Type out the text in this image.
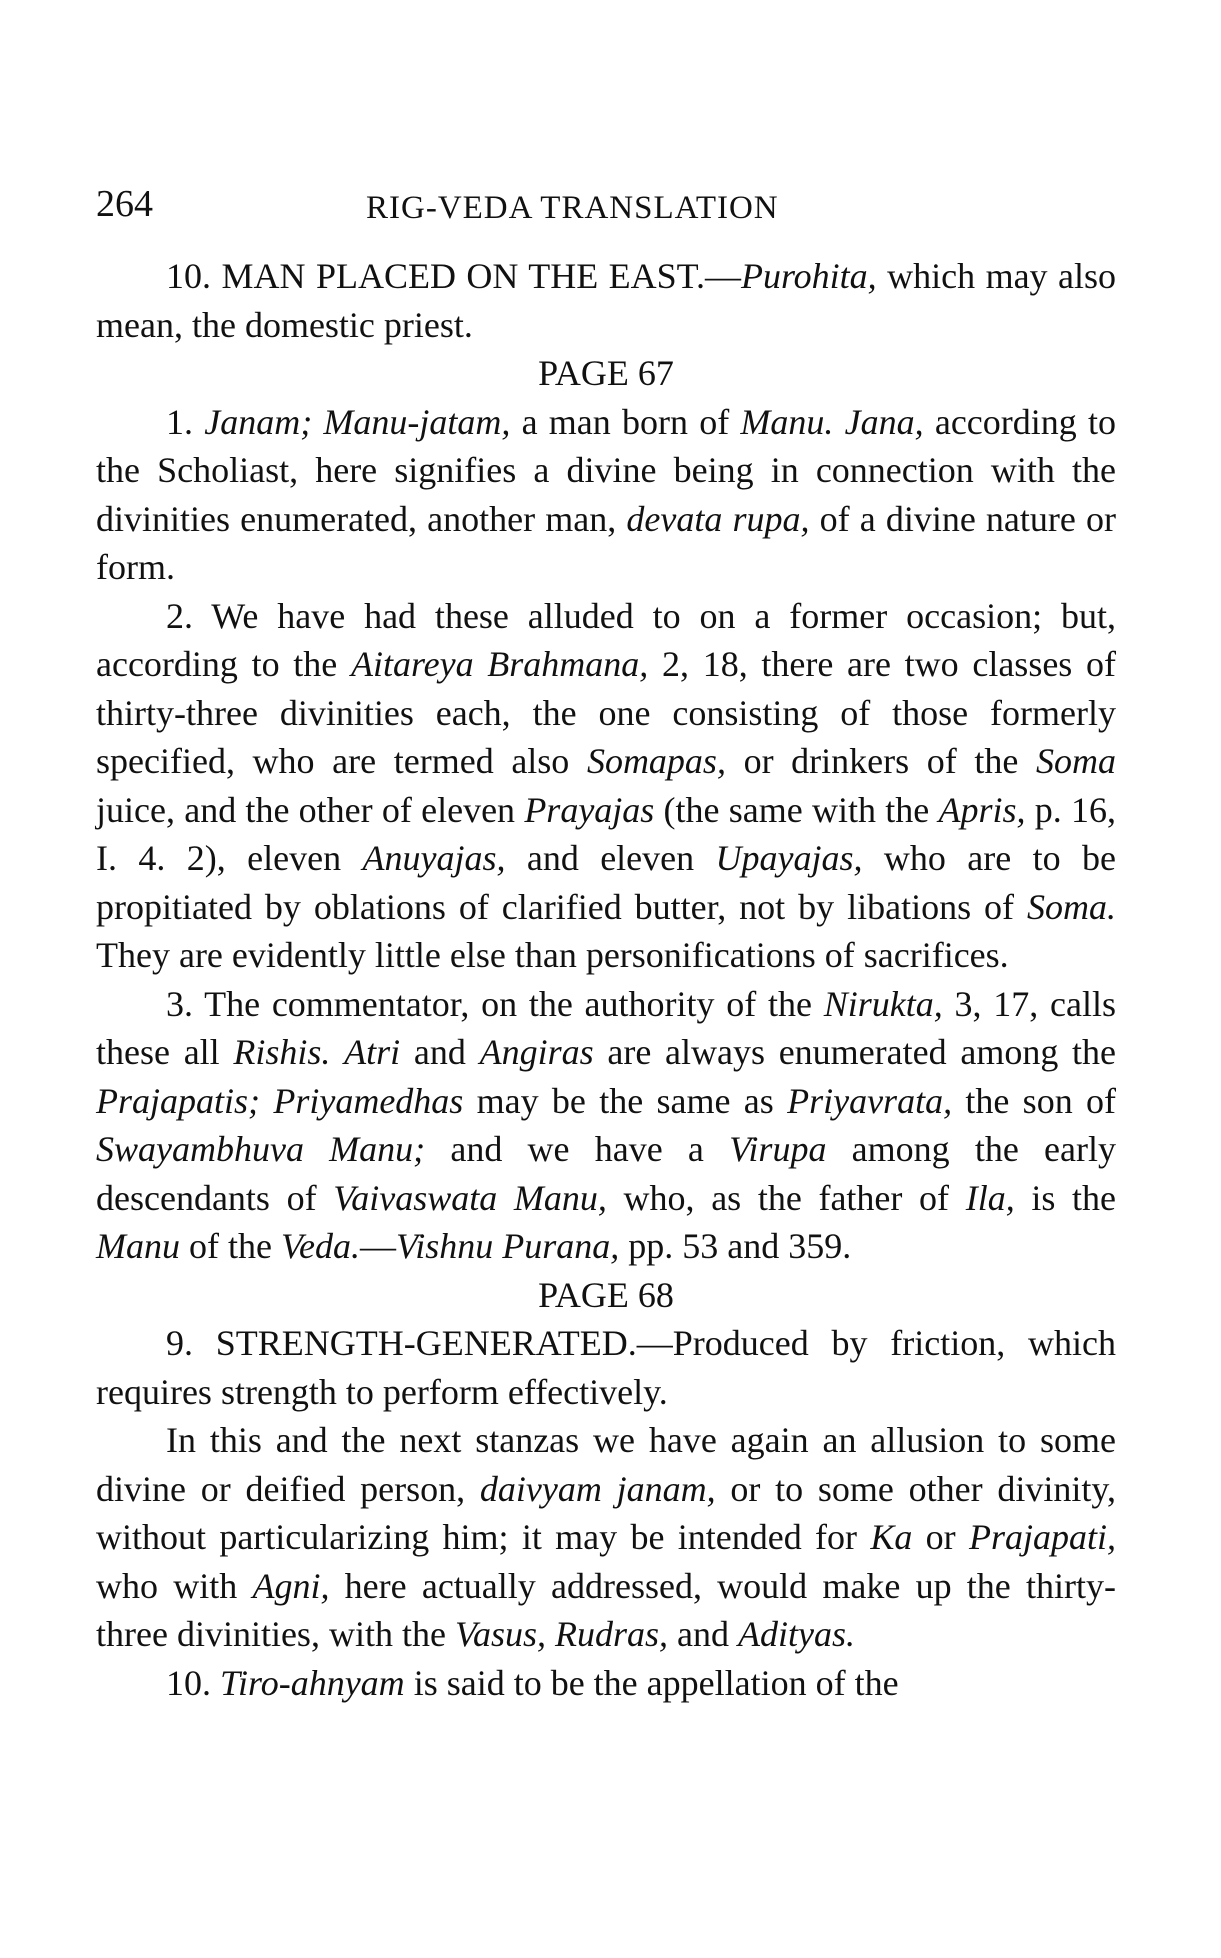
264	RIG-VEDA TRANSLATION

10. MAN PLACED ON THE EAST.—Purohita, which may also mean, the domestic priest.

PAGE 67

1. Janam; Manu-jatam, a man born of Manu. Jana, according to the Scholiast, here signifies a divine being in connection with the divinities enumerated, another man, devata rupa, of a divine nature or form.

2. We have had these alluded to on a former occasion; but, according to the Aitareya Brahmana, 2, 18, there are two classes of thirty-three divinities each, the one consisting of those formerly specified, who are termed also Somapas, or drinkers of the Soma juice, and the other of eleven Prayajas (the same with the Apris, p. 16, I. 4. 2), eleven Anuyajas, and eleven Upayajas, who are to be propitiated by oblations of clarified butter, not by libations of Soma. They are evidently little else than personifications of sacrifices.

3. The commentator, on the authority of the Nirukta, 3, 17, calls these all Rishis. Atri and Angiras are always enumerated among the Prajapatis; Priyamedhas may be the same as Priyavrata, the son of Swayambhuva Manu; and we have a Virupa among the early descendants of Vaivaswata Manu, who, as the father of Ila, is the Manu of the Veda.—Vishnu Purana, pp. 53 and 359.

PAGE 68

9. STRENGTH-GENERATED.—Produced by friction, which requires strength to perform effectively.

In this and the next stanzas we have again an allusion to some divine or deified person, daivyam janam, or to some other divinity, without particularizing him; it may be intended for Ka or Prajapati, who with Agni, here actually addressed, would make up the thirty-three divinities, with the Vasus, Rudras, and Adityas.

10. Tiro-ahnyam is said to be the appellation of the
